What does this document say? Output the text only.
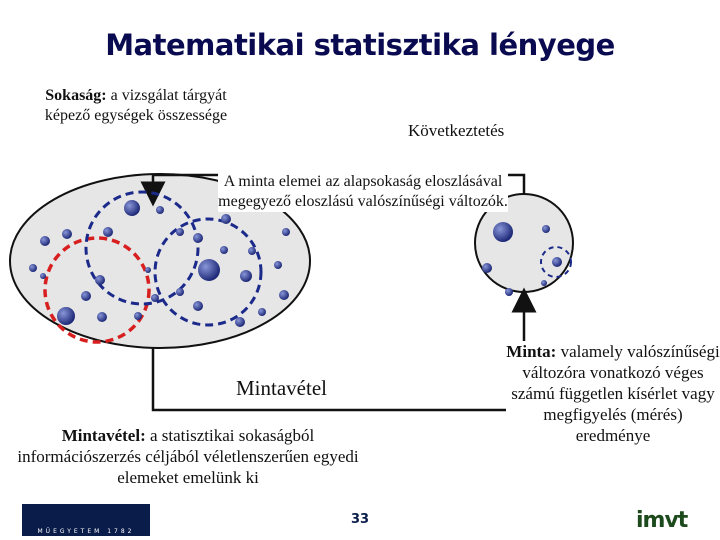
Matematikai statisztika lényege
Sokaság: a vizsgálat tárgyát képező egységek összessége
Következtetés
A minta elemei az alapsokaság eloszlásával megegyező eloszlású valószínűségi változók.
Mintavétel
Mintavétel: a statisztikai sokaságból információszerzés céljából véletlenszerűen egyedi elemeket emelünk ki
Minta: valamely valószínűségi változóra vonatkozó véges számú független kísérlet vagy megfigyelés (mérés) eredménye
MŰEGYETEM 1782
33	imvt
